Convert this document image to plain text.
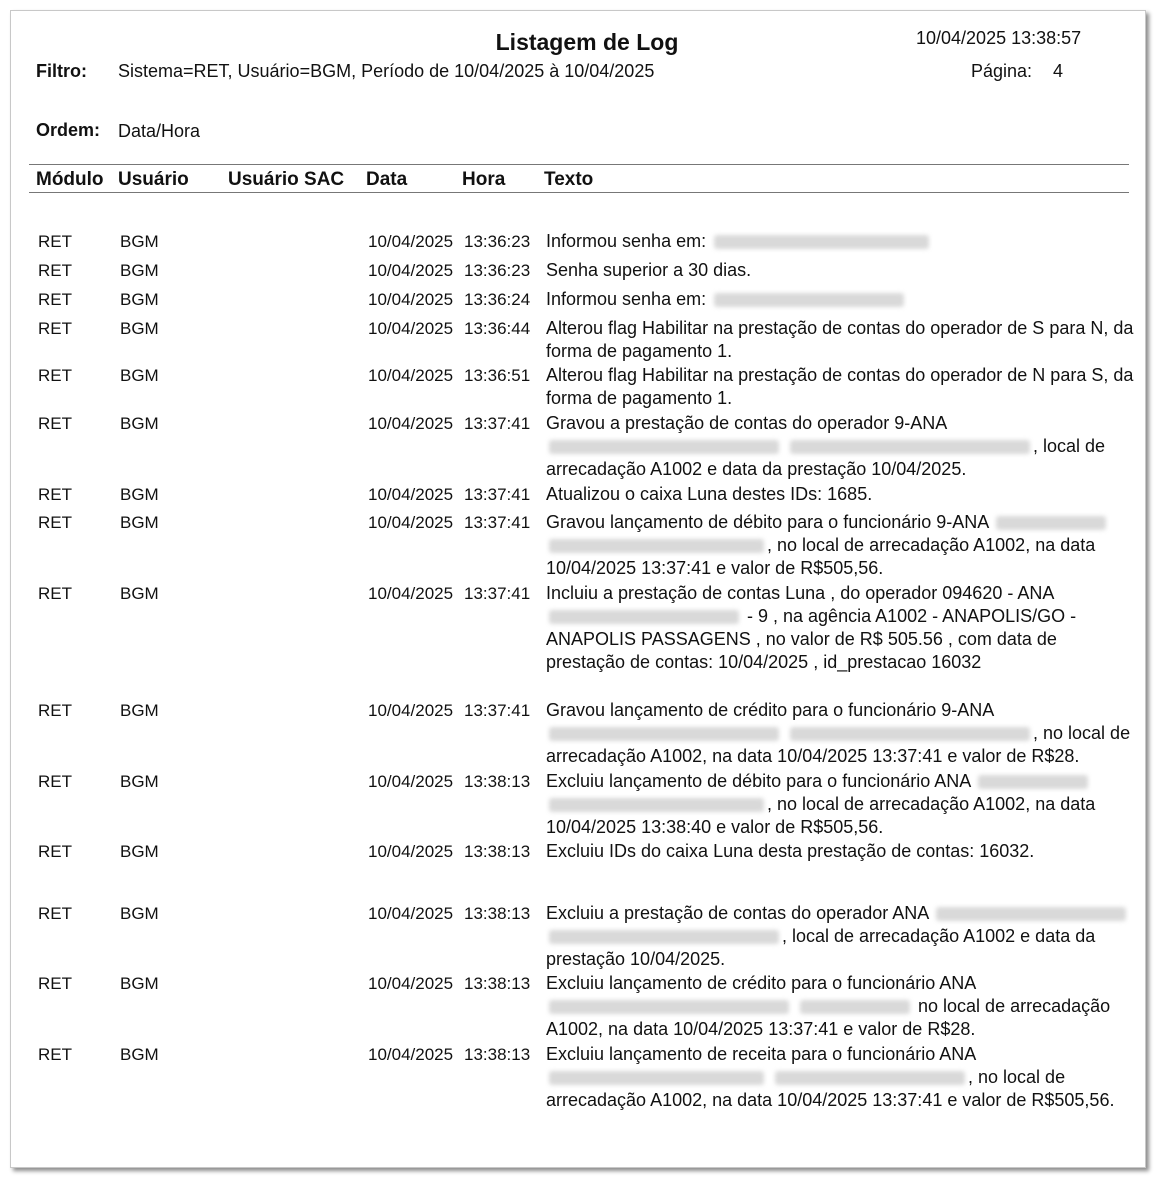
Listagem de Log	10/04/2025 13:38:57
Filtro: Sistema=RET, Usuário=BGM, Período de 10/04/2025 à 10/04/2025	Página: 4
Ordem: Data/Hora
Módulo Usuário Usuário SAC Data	Hora Texto
RET	BGM	10/04/2025 13:36:23 Informou senha em:
RET	BGM	10/04/2025 13:36:23 Senha superior a 30 dias.
RET	BGM	10/04/2025 13:36:24 Informou senha em:
RET	BGM	10/04/2025 13:36:44 Alterou flag Habilitar na prestação de contas do operador de S para N, da forma de pagamento 1.
RET	BGM	10/04/2025 13:36:51 Alterou flag Habilitar na prestação de contas do operador de N para S, da forma de pagamento 1.
RET	BGM	10/04/2025 13:37:41 Gravou a prestação de contas do operador 9-ANA  , local de arrecadação A1002 e data da prestação 10/04/2025.
RET	BGM	10/04/2025 13:37:41 Atualizou o caixa Luna destes IDs: 1685.
RET	BGM	10/04/2025 13:37:41 Gravou lançamento de débito para o funcionário 9-ANA  , no local de arrecadação A1002, na data 10/04/2025 13:37:41 e valor de R$505,56.
RET	BGM	10/04/2025 13:37:41 Incluiu a prestação de contas Luna , do operador 094620 - ANA  - 9 , na agência A1002 - ANAPOLIS/GO - ANAPOLIS PASSAGENS , no valor de R$ 505.56 , com data de prestação de contas: 10/04/2025 , id_prestacao 16032
RET	BGM	10/04/2025 13:37:41 Gravou lançamento de crédito para o funcionário 9-ANA  , no local de arrecadação A1002, na data 10/04/2025 13:37:41 e valor de R$28.
RET	BGM	10/04/2025 13:38:13 Excluiu lançamento de débito para o funcionário ANA  , no local de arrecadação A1002, na data 10/04/2025 13:38:40 e valor de R$505,56.
RET	BGM	10/04/2025 13:38:13 Excluiu IDs do caixa Luna desta prestação de contas: 16032.
RET	BGM	10/04/2025 13:38:13 Excluiu a prestação de contas do operador ANA  , local de arrecadação A1002 e data da prestação 10/04/2025.
RET	BGM	10/04/2025 13:38:13 Excluiu lançamento de crédito para o funcionário ANA   no local de arrecadação A1002, na data 10/04/2025 13:37:41 e valor de R$28.
RET	BGM	10/04/2025 13:38:13 Excluiu lançamento de receita para o funcionário ANA  , no local de arrecadação A1002, na data 10/04/2025 13:37:41 e valor de R$505,56.
